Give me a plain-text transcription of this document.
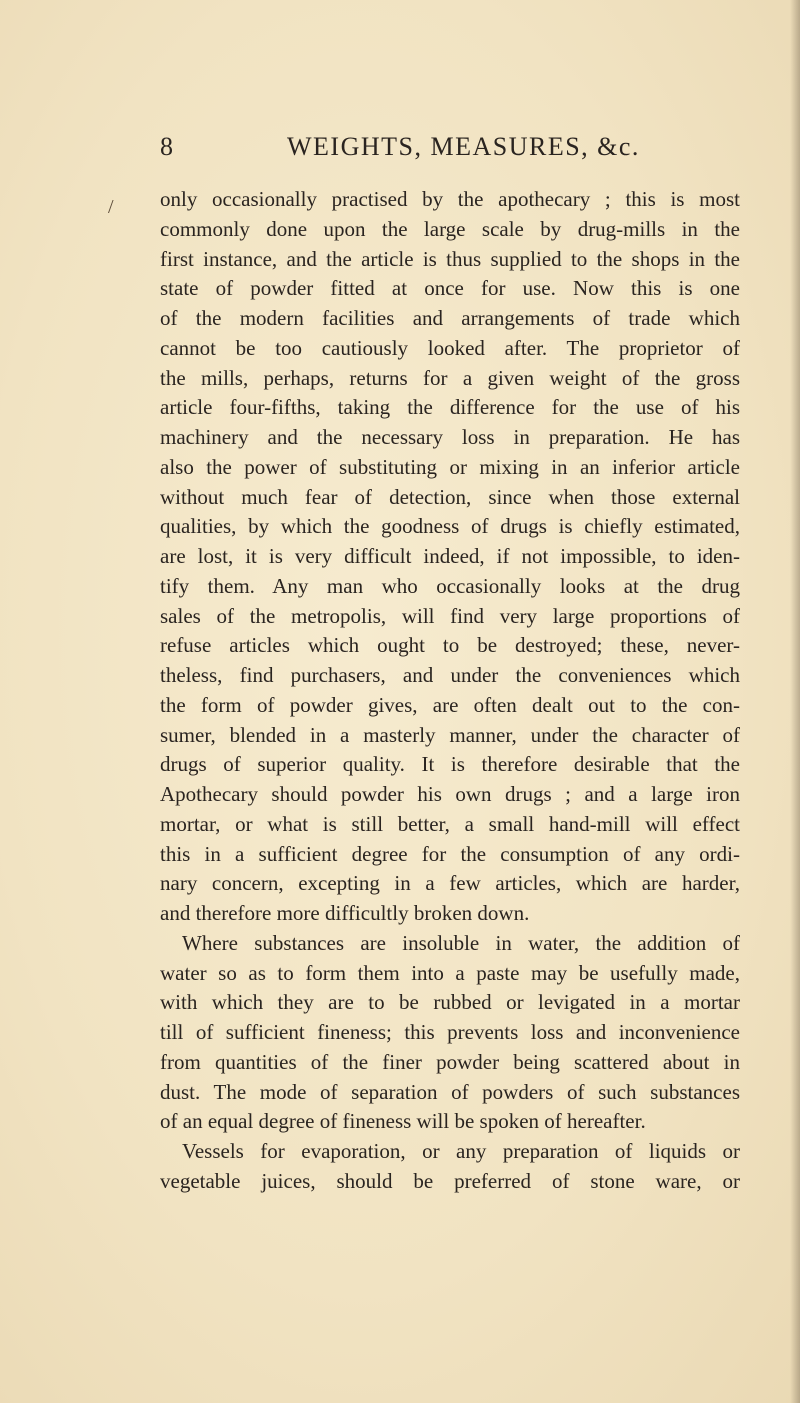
/
8	WEIGHTS, MEASURES, &c.
only occasionally practised by the apothecary ; this is most
commonly done upon the large scale by drug-mills in the
first instance, and the article is thus supplied to the shops in the
state of powder fitted at once for use. Now this is one
of the modern facilities and arrangements of trade which
cannot be too cautiously looked after. The proprietor of
the mills, perhaps, returns for a given weight of the gross
article four-fifths, taking the difference for the use of his
machinery and the necessary loss in preparation. He has
also the power of substituting or mixing in an inferior article
without much fear of detection, since when those external
qualities, by which the goodness of drugs is chiefly estimated,
are lost, it is very difficult indeed, if not impossible, to iden-
tify them. Any man who occasionally looks at the drug
sales of the metropolis, will find very large proportions of
refuse articles which ought to be destroyed; these, never-
theless, find purchasers, and under the conveniences which
the form of powder gives, are often dealt out to the con-
sumer, blended in a masterly manner, under the character of
drugs of superior quality. It is therefore desirable that the
Apothecary should powder his own drugs ; and a large iron
mortar, or what is still better, a small hand-mill will effect
this in a sufficient degree for the consumption of any ordi-
nary concern, excepting in a few articles, which are harder,
and therefore more difficultly broken down.
Where substances are insoluble in water, the addition of
water so as to form them into a paste may be usefully made,
with which they are to be rubbed or levigated in a mortar
till of sufficient fineness; this prevents loss and inconvenience
from quantities of the finer powder being scattered about in
dust. The mode of separation of powders of such substances
of an equal degree of fineness will be spoken of hereafter.
Vessels for evaporation, or any preparation of liquids or
vegetable juices, should be preferred of stone ware, or
